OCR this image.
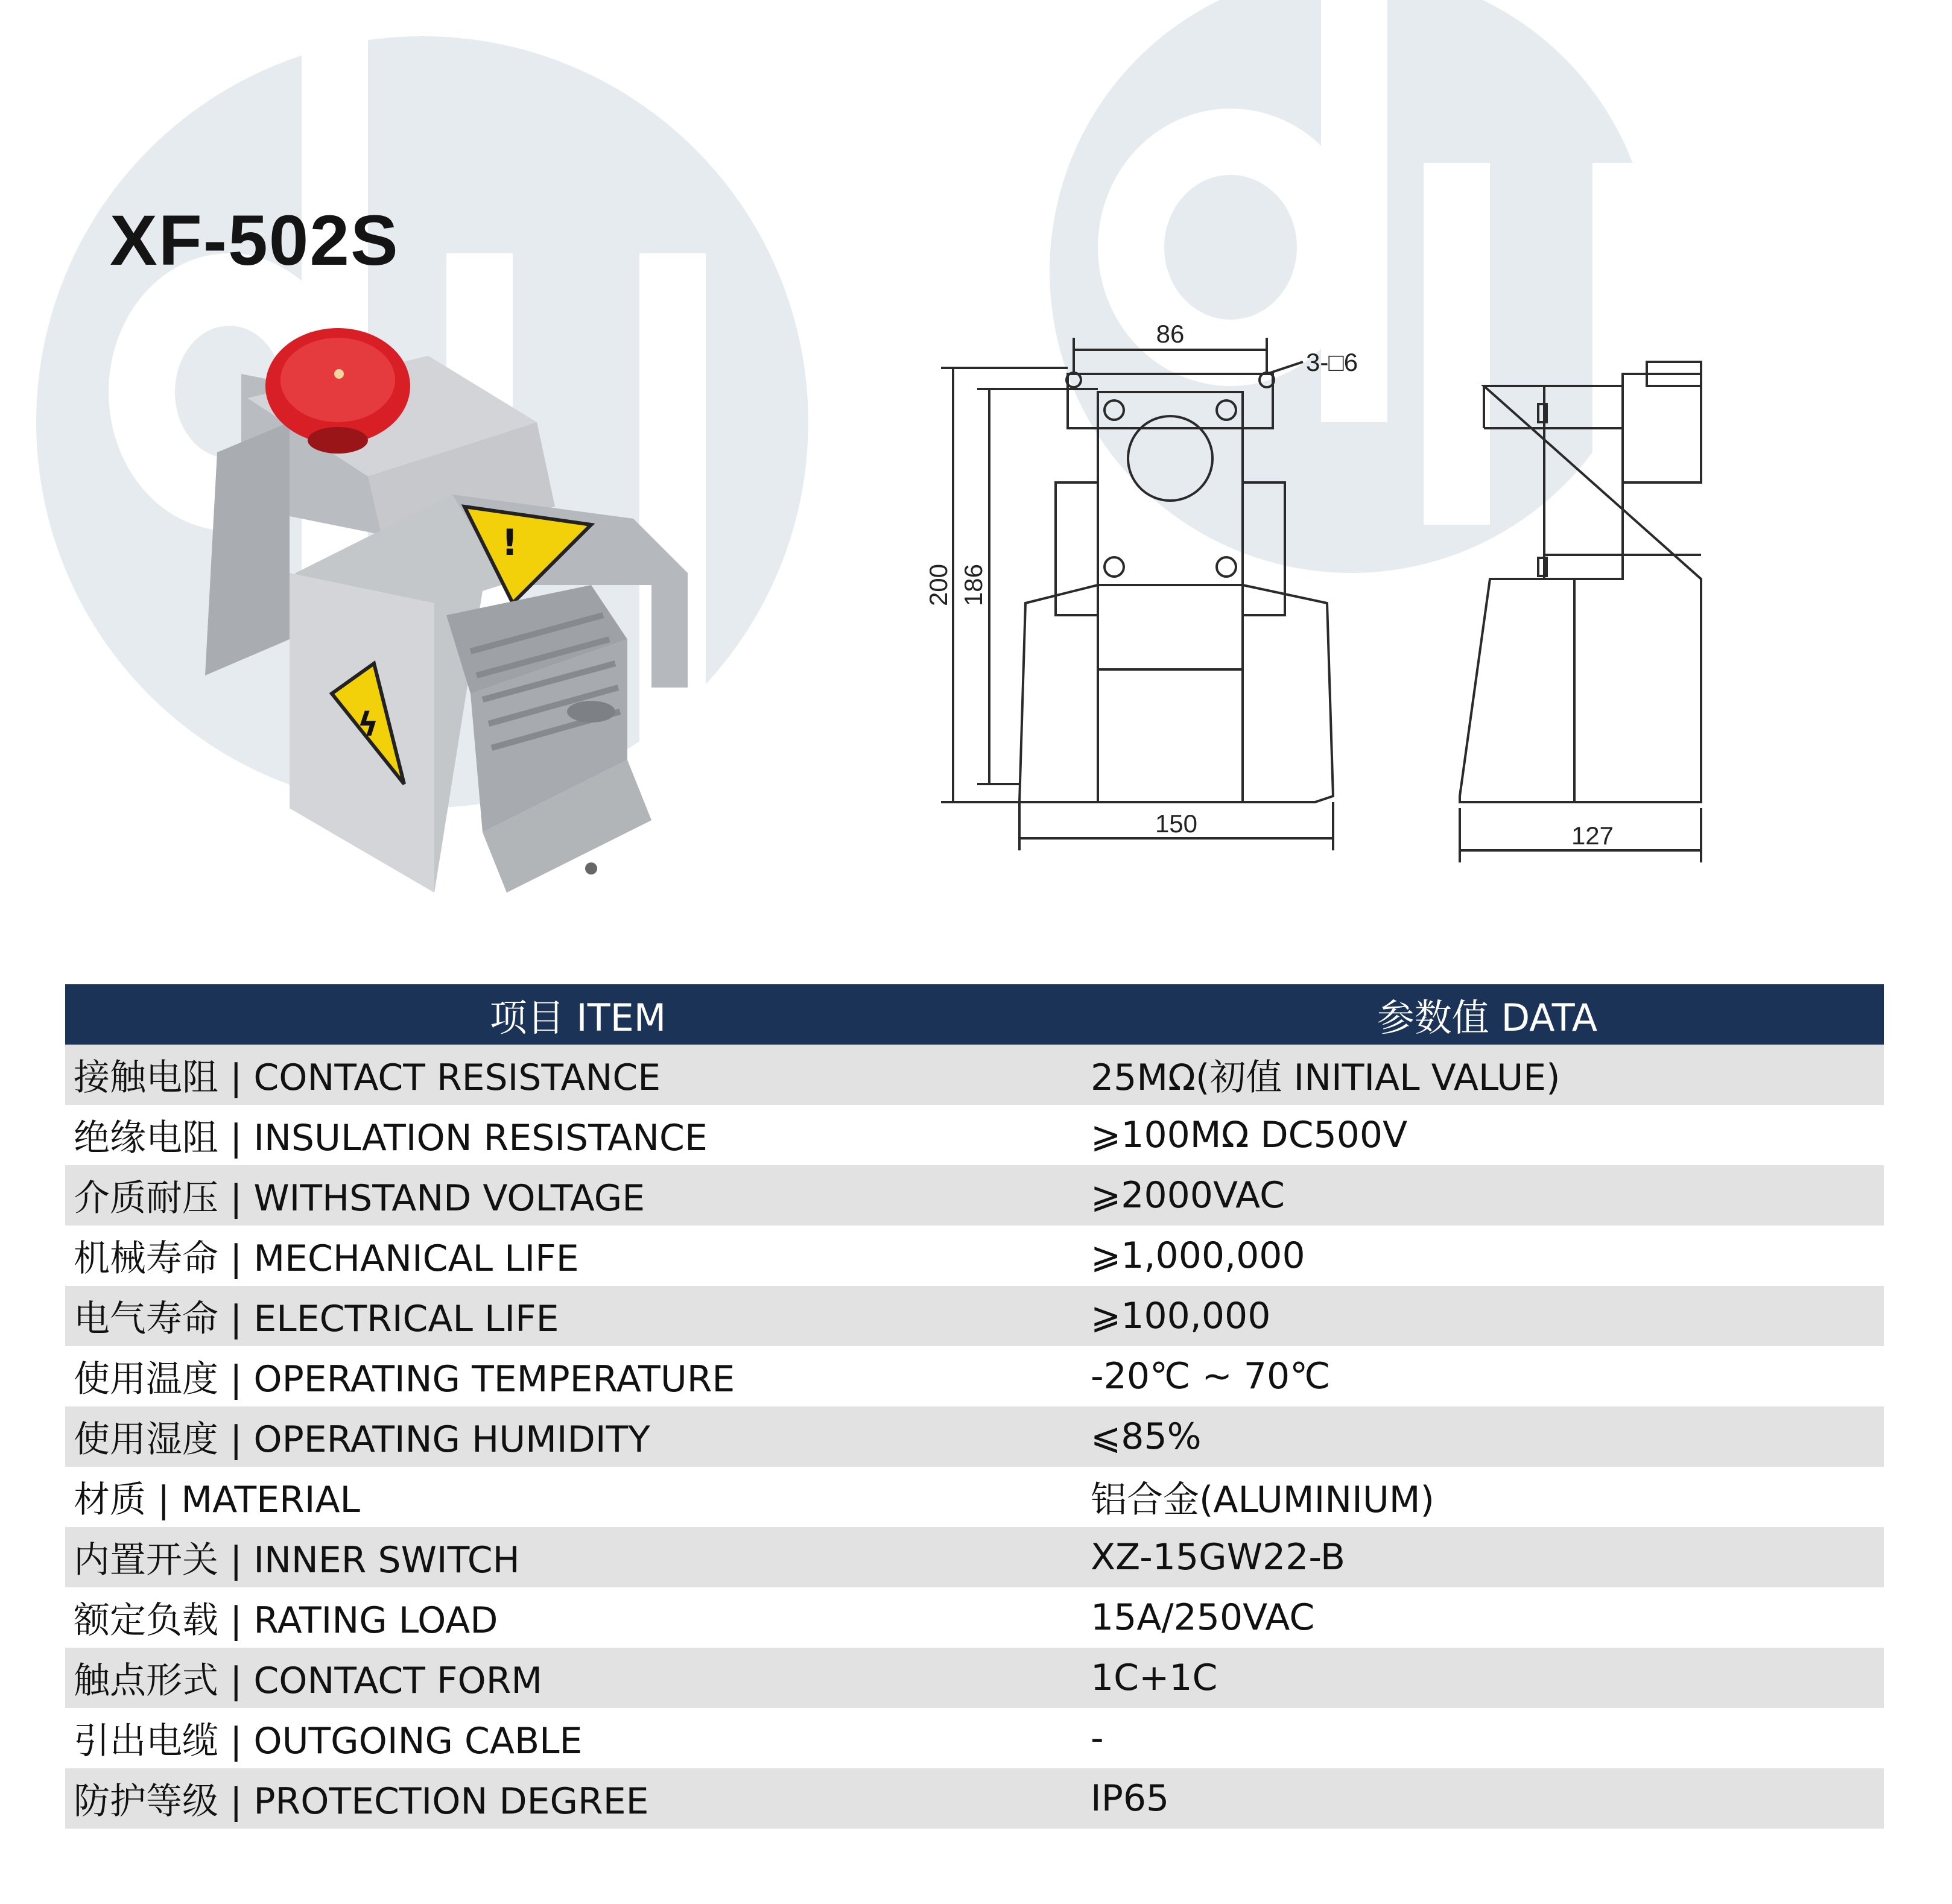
XF-502S
!
ϟ
86
3-□6
200 186
150	127
项目 ITEM	参数值 DATA
接触电阻 | CONTACT RESISTANCE	25MΩ(初值 INITIAL VALUE)
绝缘电阻 | INSULATION RESISTANCE	⩾100MΩ DC500V
介质耐压 | WITHSTAND VOLTAGE	⩾2000VAC
机械寿命 | MECHANICAL LIFE	⩾1,000,000
电气寿命 | ELECTRICAL LIFE	⩾100,000
使用温度 | OPERATING TEMPERATURE	-20℃ ~ 70℃
使用湿度 | OPERATING HUMIDITY	⩽85%
材质 | MATERIAL	铝合金(ALUMINIUM)
内置开关 | INNER SWITCH	XZ-15GW22-B
额定负载 | RATING LOAD	15A/250VAC
触点形式 | CONTACT FORM	1C+1C
引出电缆 | OUTGOING CABLE	-
防护等级 | PROTECTION DEGREE	IP65
